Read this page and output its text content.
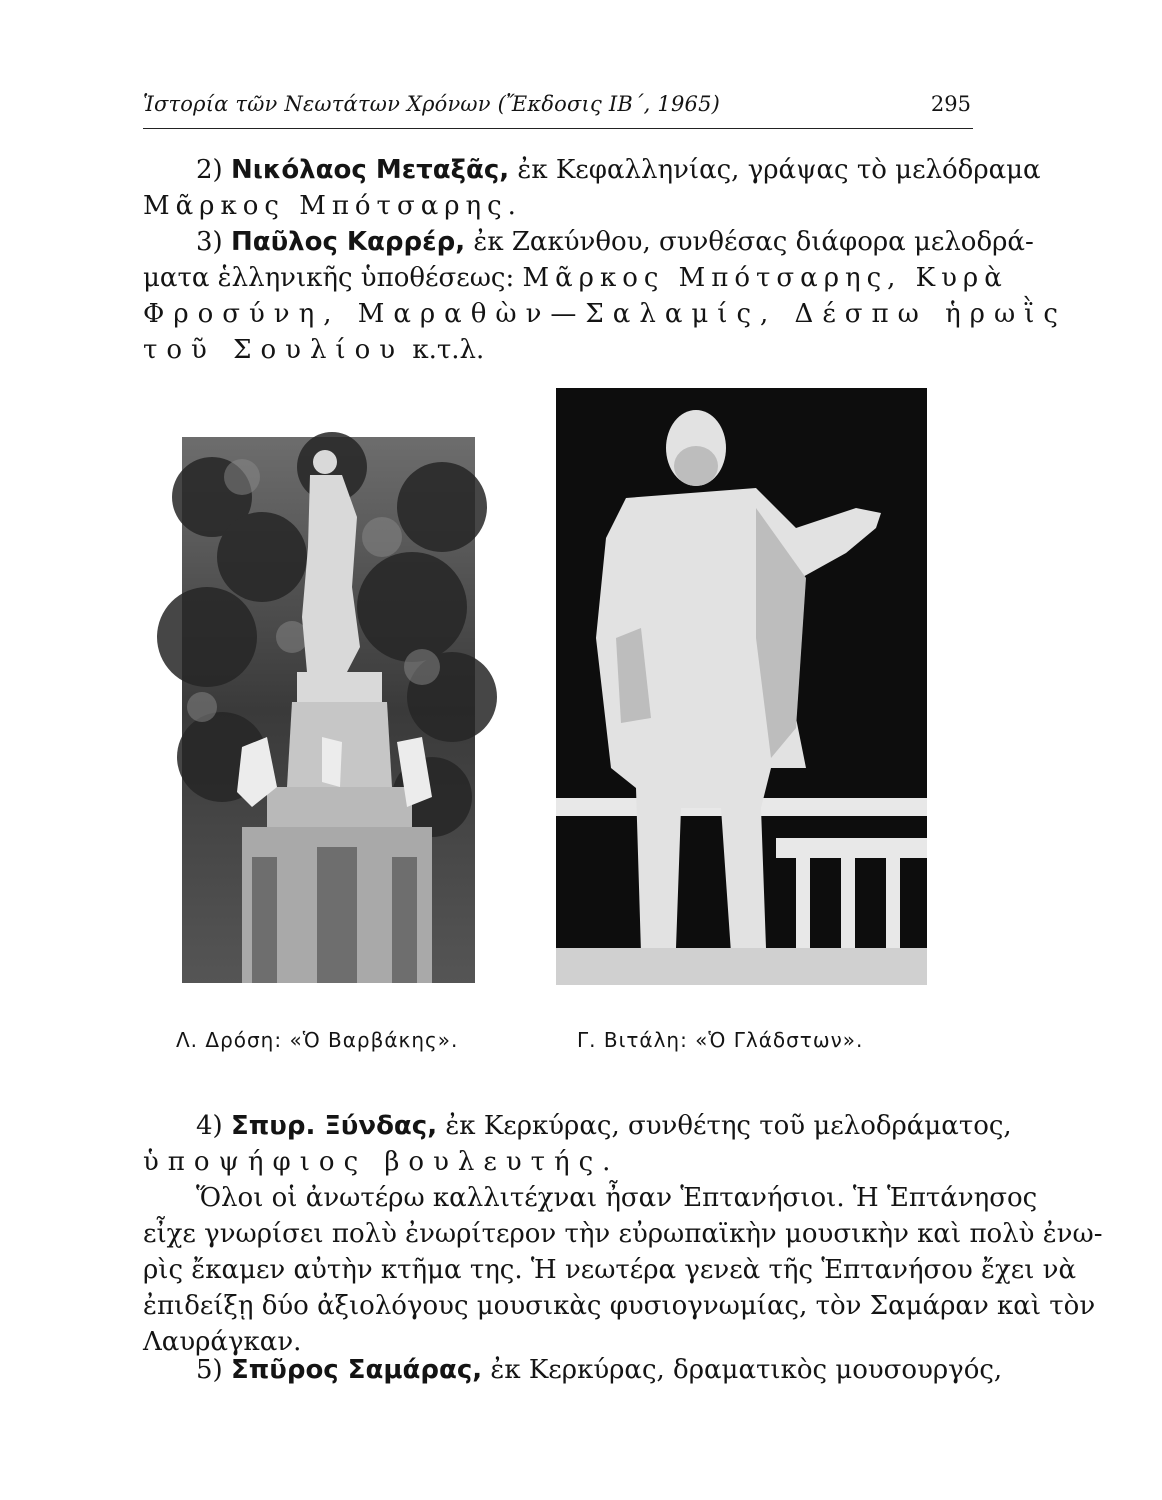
Ἱστορία τῶν Νεωτάτων Χρόνων (Ἔκδοσις ΙΒ΄, 1965)	295

2) Νικόλαος Μεταξᾶς, ἐκ Κεφαλληνίας, γράψας τὸ μελόδραμα
Μᾶρκος Μπότσαρης.

3) Παῦλος Καρρέρ, ἐκ Ζακύνθου, συνθέσας διάφορα μελοδρά-
ματα ἑλληνικῆς ὑποθέσεως: Μᾶρκος Μπότσαρης, Κυρὰ
Φροσύνη, Μαραθὼν—Σαλαμίς, Δέσπω ἡρωῒς
τοῦ Σουλίου κ.τ.λ.

Λ. Δρόση: «Ὁ Βαρβάκης».	Γ. Βιτάλη: «Ὁ Γλάδστων».

4) Σπυρ. Ξύνδας, ἐκ Κερκύρας, συνθέτης τοῦ μελοδράματος,
ὑποψήφιος βουλευτής.

Ὅλοι οἱ ἀνωτέρω καλλιτέχναι ἦσαν Ἑπτανήσιοι. Ἡ Ἑπτάνησος
εἶχε γνωρίσει πολὺ ἐνωρίτερον τὴν εὐρωπαϊκὴν μουσικὴν καὶ πολὺ ἐνω-
ρὶς ἔκαμεν αὐτὴν κτῆμα της. Ἡ νεωτέρα γενεὰ τῆς Ἑπτανήσου ἔχει νὰ
ἐπιδείξῃ δύο ἀξιολόγους μουσικὰς φυσιογνωμίας, τὸν Σαμάραν καὶ τὸν
Λαυράγκαν.

5) Σπῦρος Σαμάρας, ἐκ Κερκύρας, δραματικὸς μουσουργός,
